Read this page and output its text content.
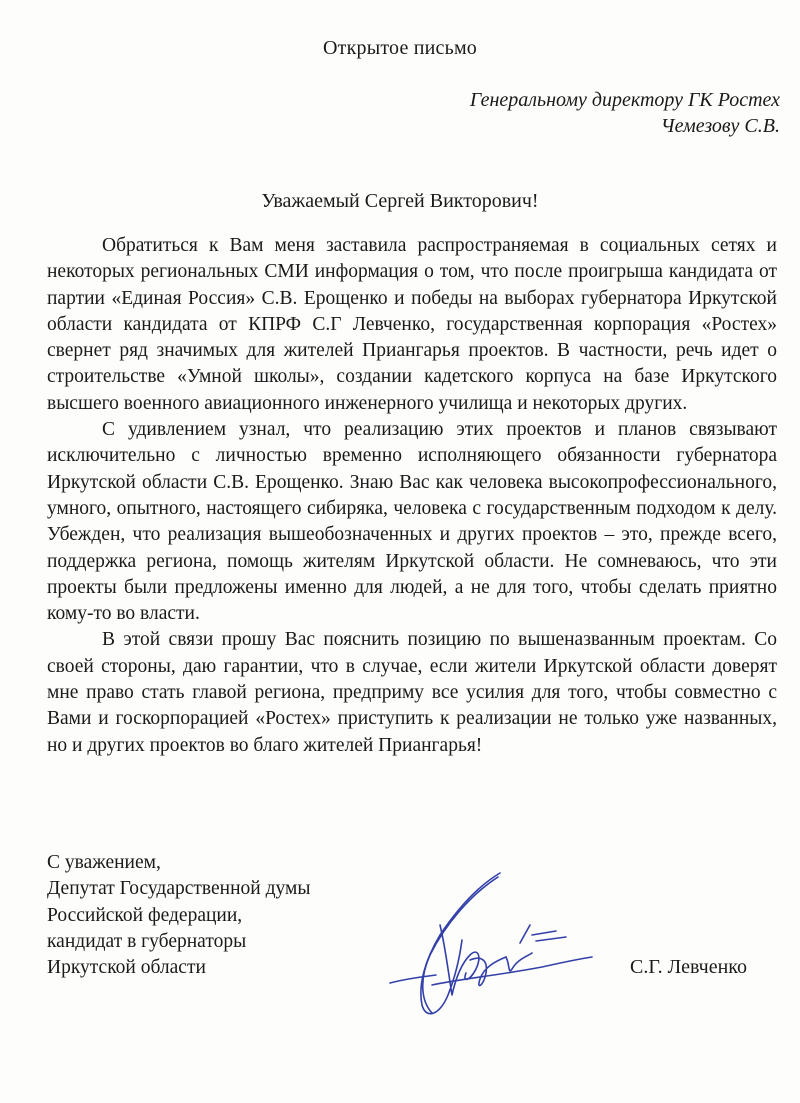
Открытое письмо
Генеральному директору ГК Ростех
Чемезову С.В.
Уважаемый Сергей Викторович!

Обратиться к Вам меня заставила распространяемая в социальных сетях и некоторых региональных СМИ информация о том, что после проигрыша кандидата от партии «Единая Россия» С.В. Ерощенко и победы на выборах губернатора Иркутской области кандидата от КПРФ С.Г Левченко, государственная корпорация «Ростех» свернет ряд значимых для жителей Приангарья проектов. В частности, речь идет о строительстве «Умной школы», создании кадетского корпуса на базе Иркутского высшего военного авиационного инженерного училища и некоторых других.

С удивлением узнал, что реализацию этих проектов и планов связывают исключительно с личностью временно исполняющего обязанности губернатора Иркутской области С.В. Ерощенко. Знаю Вас как человека высокопрофессионального, умного, опытного, настоящего сибиряка, человека с государственным подходом к делу. Убежден, что реализация вышеобозначенных и других проектов – это, прежде всего, поддержка региона, помощь жителям Иркутской области. Не сомневаюсь, что эти проекты были предложены именно для людей, а не для того, чтобы сделать приятно кому-то во власти.

В этой связи прошу Вас пояснить позицию по вышеназванным проектам. Со своей стороны, даю гарантии, что в случае, если жители Иркутской области доверят мне право стать главой региона, предприму все усилия для того, чтобы совместно с Вами и госкорпорацией «Ростех» приступить к реализации не только уже названных, но и других проектов во благо жителей Приангарья!

С уважением,
Депутат Государственной думы
Российской федерации,
кандидат в губернаторы
Иркутской области	С.Г. Левченко
